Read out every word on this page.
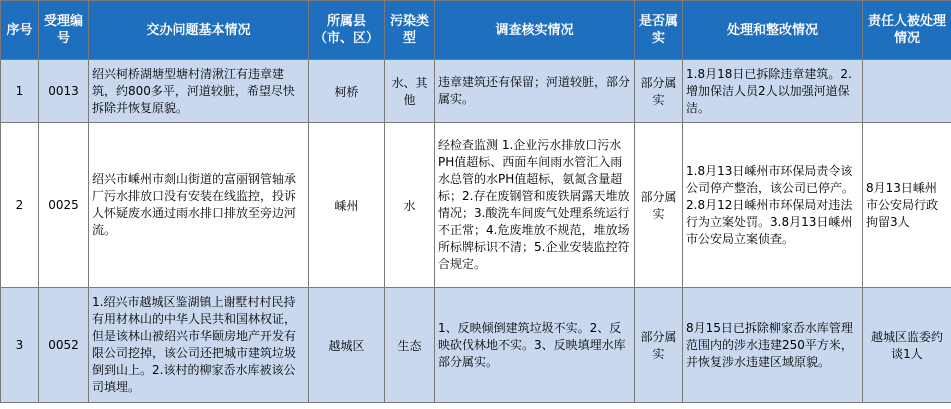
序号	受理编号	交办问题基本情况	所属县（市、区）	污染类型	调查核实情况	是否属实	处理和整改情况	责任人被处理情况
1	0013	绍兴柯桥湖塘型塘村清湫江有违章建筑，约800多平，河道较脏，希望尽快拆除并恢复原貌。	柯桥	水、其他	违章建筑还有保留；河道较脏，部分属实。	部分属实	1.8月18日已拆除违章建筑。2.增加保洁人员2人以加强河道保洁。	
2	0025	绍兴市嵊州市剡山街道的富丽钢管轴承厂污水排放口没有安装在线监控，投诉人怀疑废水通过雨水排口排放至旁边河流。	嵊州	水	经检查监测 1.企业污水排放口污水PH值超标、西面车间雨水管汇入雨水总管的水PH值超标，氨氮含量超标；2.存在废钢管和废铁屑露天堆放情况；3.酸洗车间废气处理系统运行不正常；4.危废堆放不规范，堆放场所标牌标识不清；5.企业安装监控符合规定。	部分属实	1.8月13日嵊州市环保局责令该公司停产整治，该公司已停产。2.8月12日嵊州市环保局对违法行为立案处罚。3.8月13日嵊州市公安局立案侦查。	8月13日嵊州市公安局行政拘留3人
3	0052	1.绍兴市越城区鉴湖镇上谢墅村村民持有用材林山的中华人民共和国林权证，但是该林山被绍兴市华颐房地产开发有限公司挖掉，该公司还把城市建筑垃圾倒到山上。2.该村的柳家岙水库被该公司填埋。	越城区	生态	1、反映倾倒建筑垃圾不实。2、反映砍伐林地不实。3、反映填埋水库部分属实。	部分属实	8月15日已拆除柳家岙水库管理范围内的涉水违建250平方米，并恢复涉水违建区域原貌。	越城区监委约谈1人
